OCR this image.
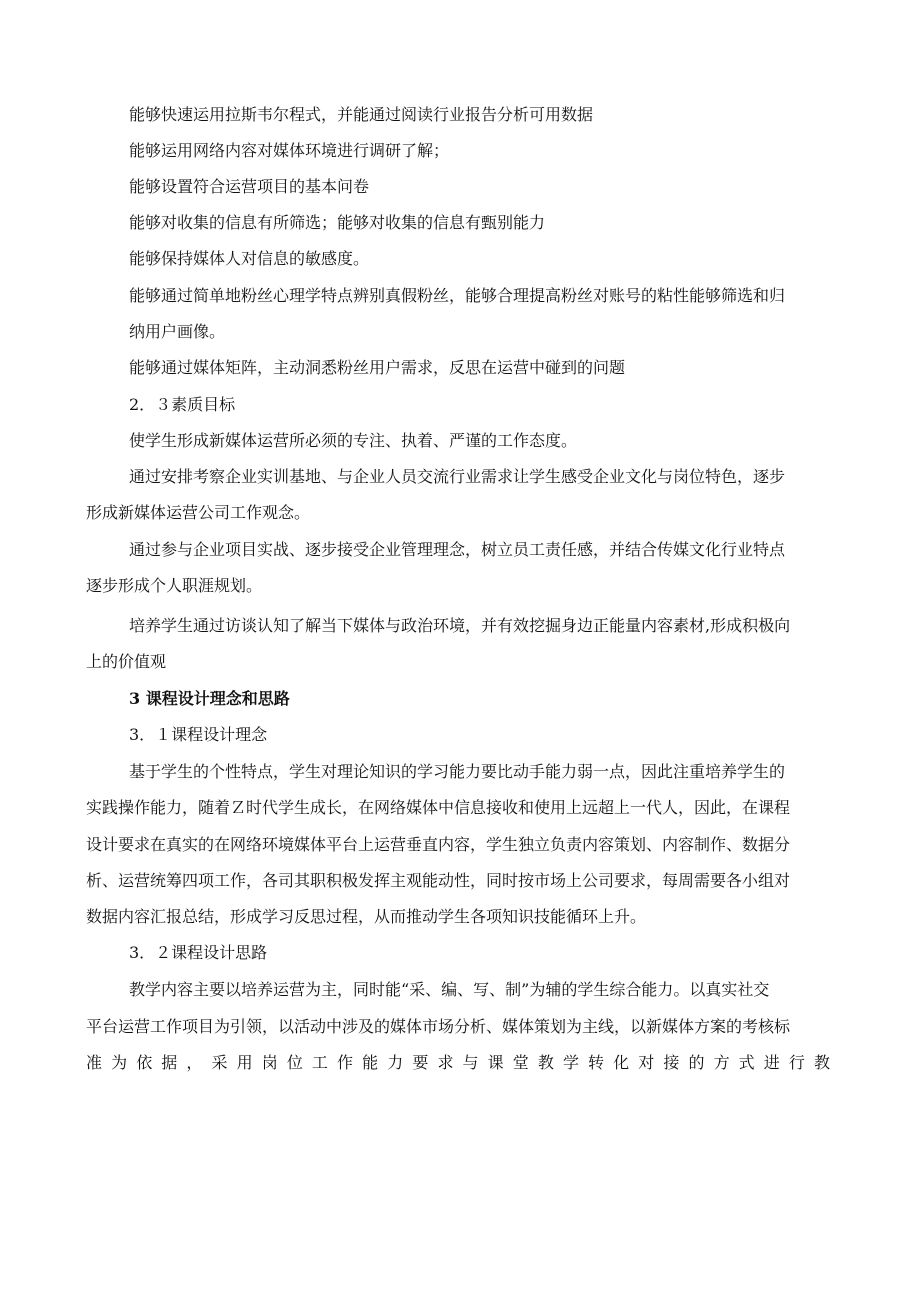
能够快速运用拉斯韦尔程式，并能通过阅读行业报告分析可用数据
能够运用网络内容对媒体环境进行调研了解；
能够设置符合运营项目的基本问卷
能够对收集的信息有所筛选；能够对收集的信息有甄别能力
能够保持媒体人对信息的敏感度。
能够通过简单地粉丝心理学特点辨别真假粉丝，能够合理提高粉丝对账号的粘性能够筛选和归
纳用户画像。
能够通过媒体矩阵，主动洞悉粉丝用户需求，反思在运营中碰到的问题
2．３素质目标
使学生形成新媒体运营所必须的专注、执着、严谨的工作态度。
通过安排考察企业实训基地、与企业人员交流行业需求让学生感受企业文化与岗位特色，逐步
形成新媒体运营公司工作观念。
通过参与企业项目实战、逐步接受企业管理理念，树立员工责任感，并结合传媒文化行业特点
逐步形成个人职涯规划。
培养学生通过访谈认知了解当下媒体与政治环境，并有效挖掘身边正能量内容素材,形成积极向
上的价值观
3 课程设计理念和思路
3．１课程设计理念
基于学生的个性特点，学生对理论知识的学习能力要比动手能力弱一点，因此注重培养学生的
实践操作能力，随着Ｚ时代学生成长，在网络媒体中信息接收和使用上远超上一代人，因此，在课程
设计要求在真实的在网络环境媒体平台上运营垂直内容，学生独立负责内容策划、内容制作、数据分
析、运营统筹四项工作，各司其职积极发挥主观能动性，同时按市场上公司要求，每周需要各小组对
数据内容汇报总结，形成学习反思过程，从而推动学生各项知识技能循环上升。
3．２课程设计思路
教学内容主要以培养运营为主，同时能“采、编、写、制”为辅的学生综合能力。以真实社交
平台运营工作项目为引领，以活动中涉及的媒体市场分析、媒体策划为主线，以新媒体方案的考核标
准为依据，采用岗位工作能力要求与课堂教学转化对接的方式进行教
